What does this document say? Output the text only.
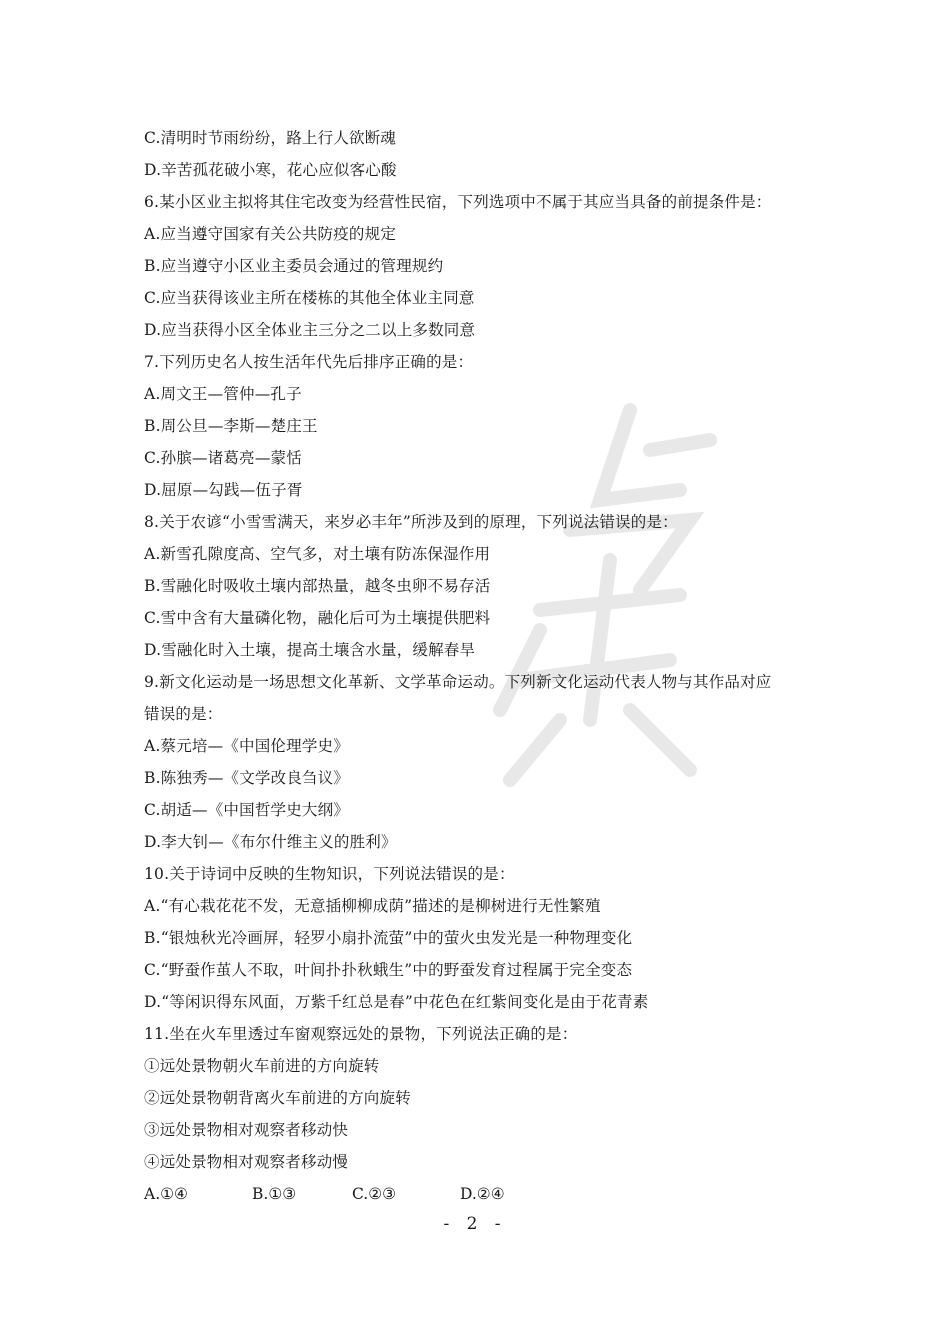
C.清明时节雨纷纷，路上行人欲断魂
D.辛苦孤花破小寒，花心应似客心酸
6.某小区业主拟将其住宅改变为经营性民宿，下列选项中不属于其应当具备的前提条件是：
A.应当遵守国家有关公共防疫的规定
B.应当遵守小区业主委员会通过的管理规约
C.应当获得该业主所在楼栋的其他全体业主同意
D.应当获得小区全体业主三分之二以上多数同意
7.下列历史名人按生活年代先后排序正确的是：
A.周文王—管仲—孔子
B.周公旦—李斯—楚庄王
C.孙膑—诸葛亮—蒙恬
D.屈原—勾践—伍子胥
8.关于农谚“小雪雪满天，来岁必丰年”所涉及到的原理，下列说法错误的是：
A.新雪孔隙度高、空气多，对土壤有防冻保湿作用
B.雪融化时吸收土壤内部热量，越冬虫卵不易存活
C.雪中含有大量磷化物，融化后可为土壤提供肥料
D.雪融化时入土壤，提高土壤含水量，缓解春旱
9.新文化运动是一场思想文化革新、文学革命运动。下列新文化运动代表人物与其作品对应
错误的是：
A.蔡元培—《中国伦理学史》
B.陈独秀—《文学改良刍议》
C.胡适—《中国哲学史大纲》
D.李大钊—《布尔什维主义的胜利》
10.关于诗词中反映的生物知识，下列说法错误的是：
A.“有心栽花花不发，无意插柳柳成荫”描述的是柳树进行无性繁殖
B.“银烛秋光冷画屏，轻罗小扇扑流萤”中的萤火虫发光是一种物理变化
C.“野蚕作茧人不取，叶间扑扑秋蛾生”中的野蚕发育过程属于完全变态
D.“等闲识得东风面，万紫千红总是春”中花色在红紫间变化是由于花青素
11.坐在火车里透过车窗观察远处的景物，下列说法正确的是：
①远处景物朝火车前进的方向旋转
②远处景物朝背离火车前进的方向旋转
③远处景物相对观察者移动快
④远处景物相对观察者移动慢
A.①④	B.①③	C.②③	D.②④
- 2 -
